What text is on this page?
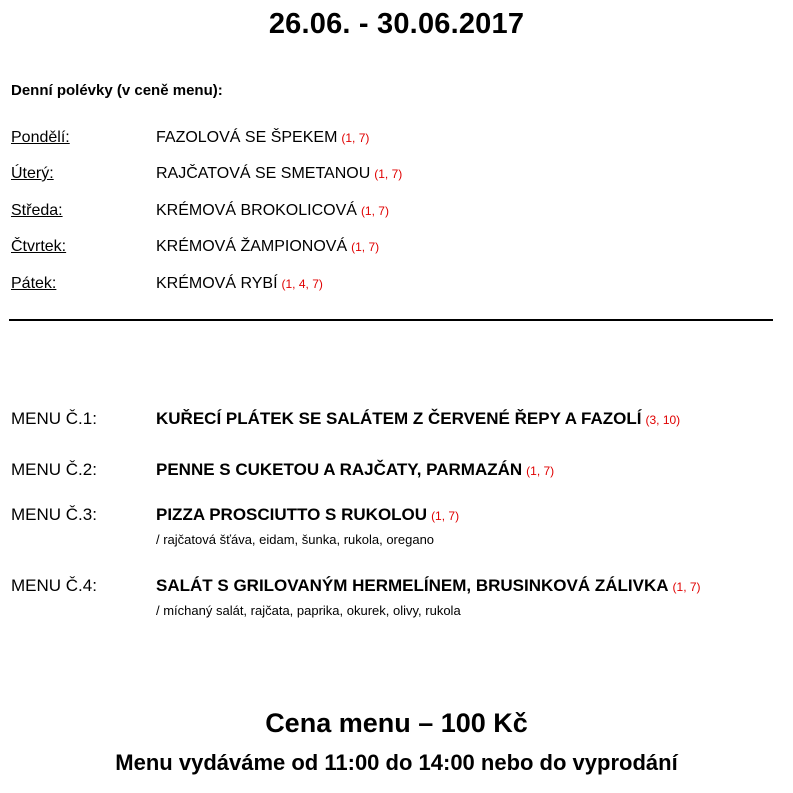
26.06. - 30.06.2017
Denní polévky (v ceně menu):
Pondělí:	FAZOLOVÁ SE ŠPEKEM (1, 7)
Úterý:	RAJČATOVÁ SE SMETANOU (1, 7)
Středa:	KRÉMOVÁ BROKOLICOVÁ (1, 7)
Čtvrtek:	KRÉMOVÁ ŽAMPIONOVÁ (1, 7)
Pátek:	KRÉMOVÁ RYBÍ (1, 4, 7)
MENU Č.1:	KUŘECÍ PLÁTEK SE SALÁTEM Z ČERVENÉ ŘEPY A FAZOLÍ (3, 10)
MENU Č.2:	PENNE S CUKETOU A RAJČATY, PARMAZÁN (1, 7)
MENU Č.3:	PIZZA PROSCIUTTO S RUKOLOU (1, 7)
/ rajčatová šťáva, eidam, šunka, rukola, oregano
MENU Č.4:	SALÁT S GRILOVANÝM HERMELÍNEM, BRUSINKOVÁ ZÁLIVKA (1, 7)
/ míchaný salát, rajčata, paprika, okurek, olivy, rukola
Cena menu – 100 Kč
Menu vydáváme od 11:00 do 14:00 nebo do vyprodání
